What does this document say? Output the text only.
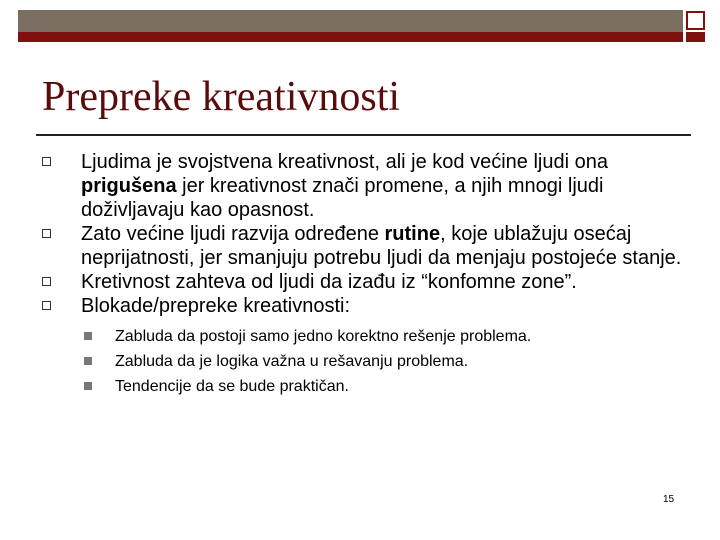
Prepreke kreativnosti
Ljudima je svojstvena kreativnost, ali je kod većine ljudi ona prigušena jer kreativnost znači promene, a njih mnogi ljudi doživljavaju kao opasnost.
Zato većine ljudi razvija određene rutine, koje ublažuju osećaj neprijatnosti, jer smanjuju potrebu ljudi da menjaju postojeće stanje.
Kretivnost zahteva od ljudi da izađu iz “konfomne zone”.
Blokade/prepreke kreativnosti:
Zabluda da postoji samo jedno korektno rešenje problema.
Zabluda da je logika važna u rešavanju problema.
Tendencije da se bude praktičan.
15
